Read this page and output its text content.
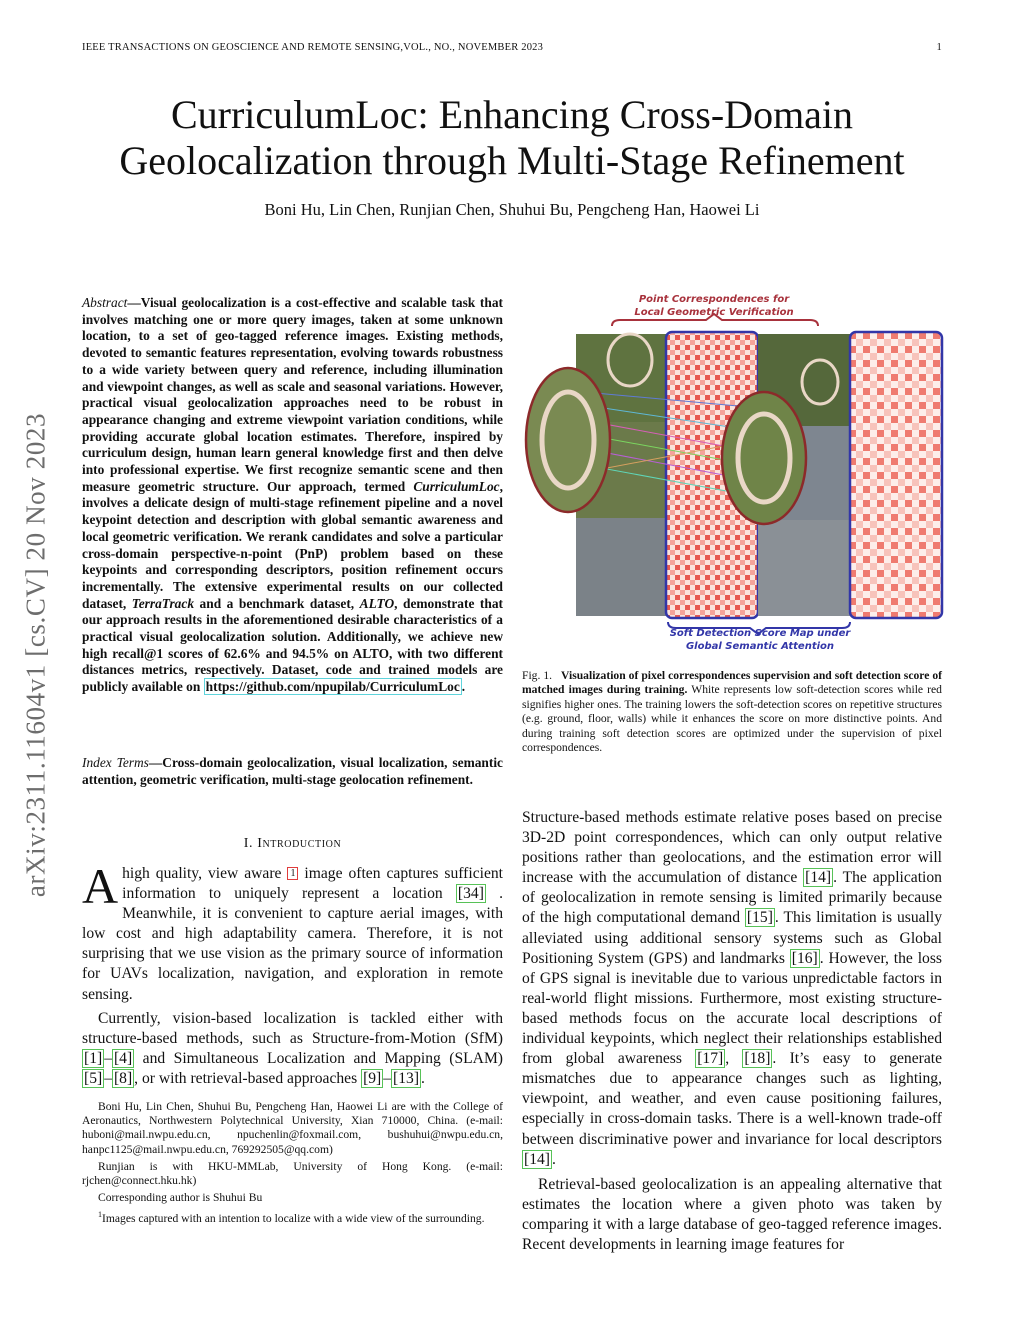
IEEE TRANSACTIONS ON GEOSCIENCE AND REMOTE SENSING,VOL., NO., NOVEMBER 2023	1
CurriculumLoc: Enhancing Cross-Domain
Geolocalization through Multi-Stage Refinement
Boni Hu, Lin Chen, Runjian Chen, Shuhui Bu, Pengcheng Han, Haowei Li
arXiv:2311.11604v1 [cs.CV] 20 Nov 2023
Abstract—Visual geolocalization is a cost-effective and scalable task that involves matching one or more query images, taken at some unknown location, to a set of geo-tagged reference images. Existing methods, devoted to semantic features representation, evolving towards robustness to a wide variety between query and reference, including illumination and viewpoint changes, as well as scale and seasonal variations. However, practical visual geolocalization approaches need to be robust in appearance changing and extreme viewpoint variation conditions, while providing accurate global location estimates. Therefore, inspired by curriculum design, human learn general knowledge first and then delve into professional expertise. We first recognize semantic scene and then measure geometric structure. Our approach, termed CurriculumLoc, involves a delicate design of multi-stage refinement pipeline and a novel keypoint detection and description with global semantic awareness and local geometric verification. We rerank candidates and solve a particular cross-domain perspective-n-point (PnP) problem based on these keypoints and corresponding descriptors, position refinement occurs incrementally. The extensive experimental results on our collected dataset, TerraTrack and a benchmark dataset, ALTO, demonstrate that our approach results in the aforementioned desirable characteristics of a practical visual geolocalization solution. Additionally, we achieve new high recall@1 scores of 62.6% and 94.5% on ALTO, with two different distances metrics, respectively. Dataset, code and trained models are publicly available on https://github.com/npupilab/CurriculumLoc .
Index Terms—Cross-domain geolocalization, visual localization, semantic attention, geometric verification, multi-stage geolocation refinement.
I. Introduction
A high quality, view aware $^1$ image often captures sufficient information to uniquely represent a location [34] . Meanwhile, it is convenient to capture aerial images, with low cost and high adaptability camera. Therefore, it is not surprising that we use vision as the primary source of information for UAVs localization, navigation, and exploration in remote sensing.
Currently, vision-based localization is tackled either with structure-based methods, such as Structure-from-Motion (SfM) [1] – [4] and Simultaneous Localization and Mapping (SLAM) [5] – [8] , or with retrieval-based approaches [9] – [13] .

Boni Hu, Lin Chen, Shuhui Bu, Pengcheng Han, Haowei Li are with the College of Aeronautics, Northwestern Polytechnical University, Xian 710000, China. (e-mail: huboni@mail.nwpu.edu.cn, npuchenlin@foxmail.com, bushuhui@nwpu.edu.cn, hanpc1125@mail.nwpu.edu.cn, 769292505@qq.com)

Runjian is with HKU-MMLab, University of Hong Kong. (e-mail: rjchen@connect.hku.hk)

Corresponding author is Shuhui Bu

$^1$Images captured with an intention to localize with a wide view of the surrounding.

Point Correspondences for
Local Geometric Verification
Soft Detection Score Map under
Global Semantic Attention
Fig. 1. Visualization of pixel correspondences supervision and soft detection score of matched images during training. White represents low soft-detection scores while red signifies higher ones. The training lowers the soft-detection scores on repetitive structures (e.g. ground, floor, walls) while it enhances the score on more distinctive points. And during training soft detection scores are optimized under the supervision of pixel correspondences.

Structure-based methods estimate relative poses based on precise 3D-2D point correspondences, which can only output relative positions rather than geolocations, and the estimation error will increase with the accumulation of distance [14] . The application of geolocalization in remote sensing is limited primarily because of the high computational demand [15] . This limitation is usually alleviated using additional sensory systems such as Global Positioning System (GPS) and landmarks [16] . However, the loss of GPS signal is inevitable due to various unpredictable factors in real-world flight missions. Furthermore, most existing structure-based methods focus on the accurate local descriptions of individual keypoints, which neglect their relationships established from global awareness [17] , [18] . It’s easy to generate mismatches due to appearance changes such as lighting, viewpoint, and weather, and even cause positioning failures, especially in cross-domain tasks. There is a well-known trade-off between discriminative power and invariance for local descriptors [14] .

Retrieval-based geolocalization is an appealing alternative that estimates the location where a given photo was taken by comparing it with a large database of geo-tagged reference images. Recent developments in learning image features for
